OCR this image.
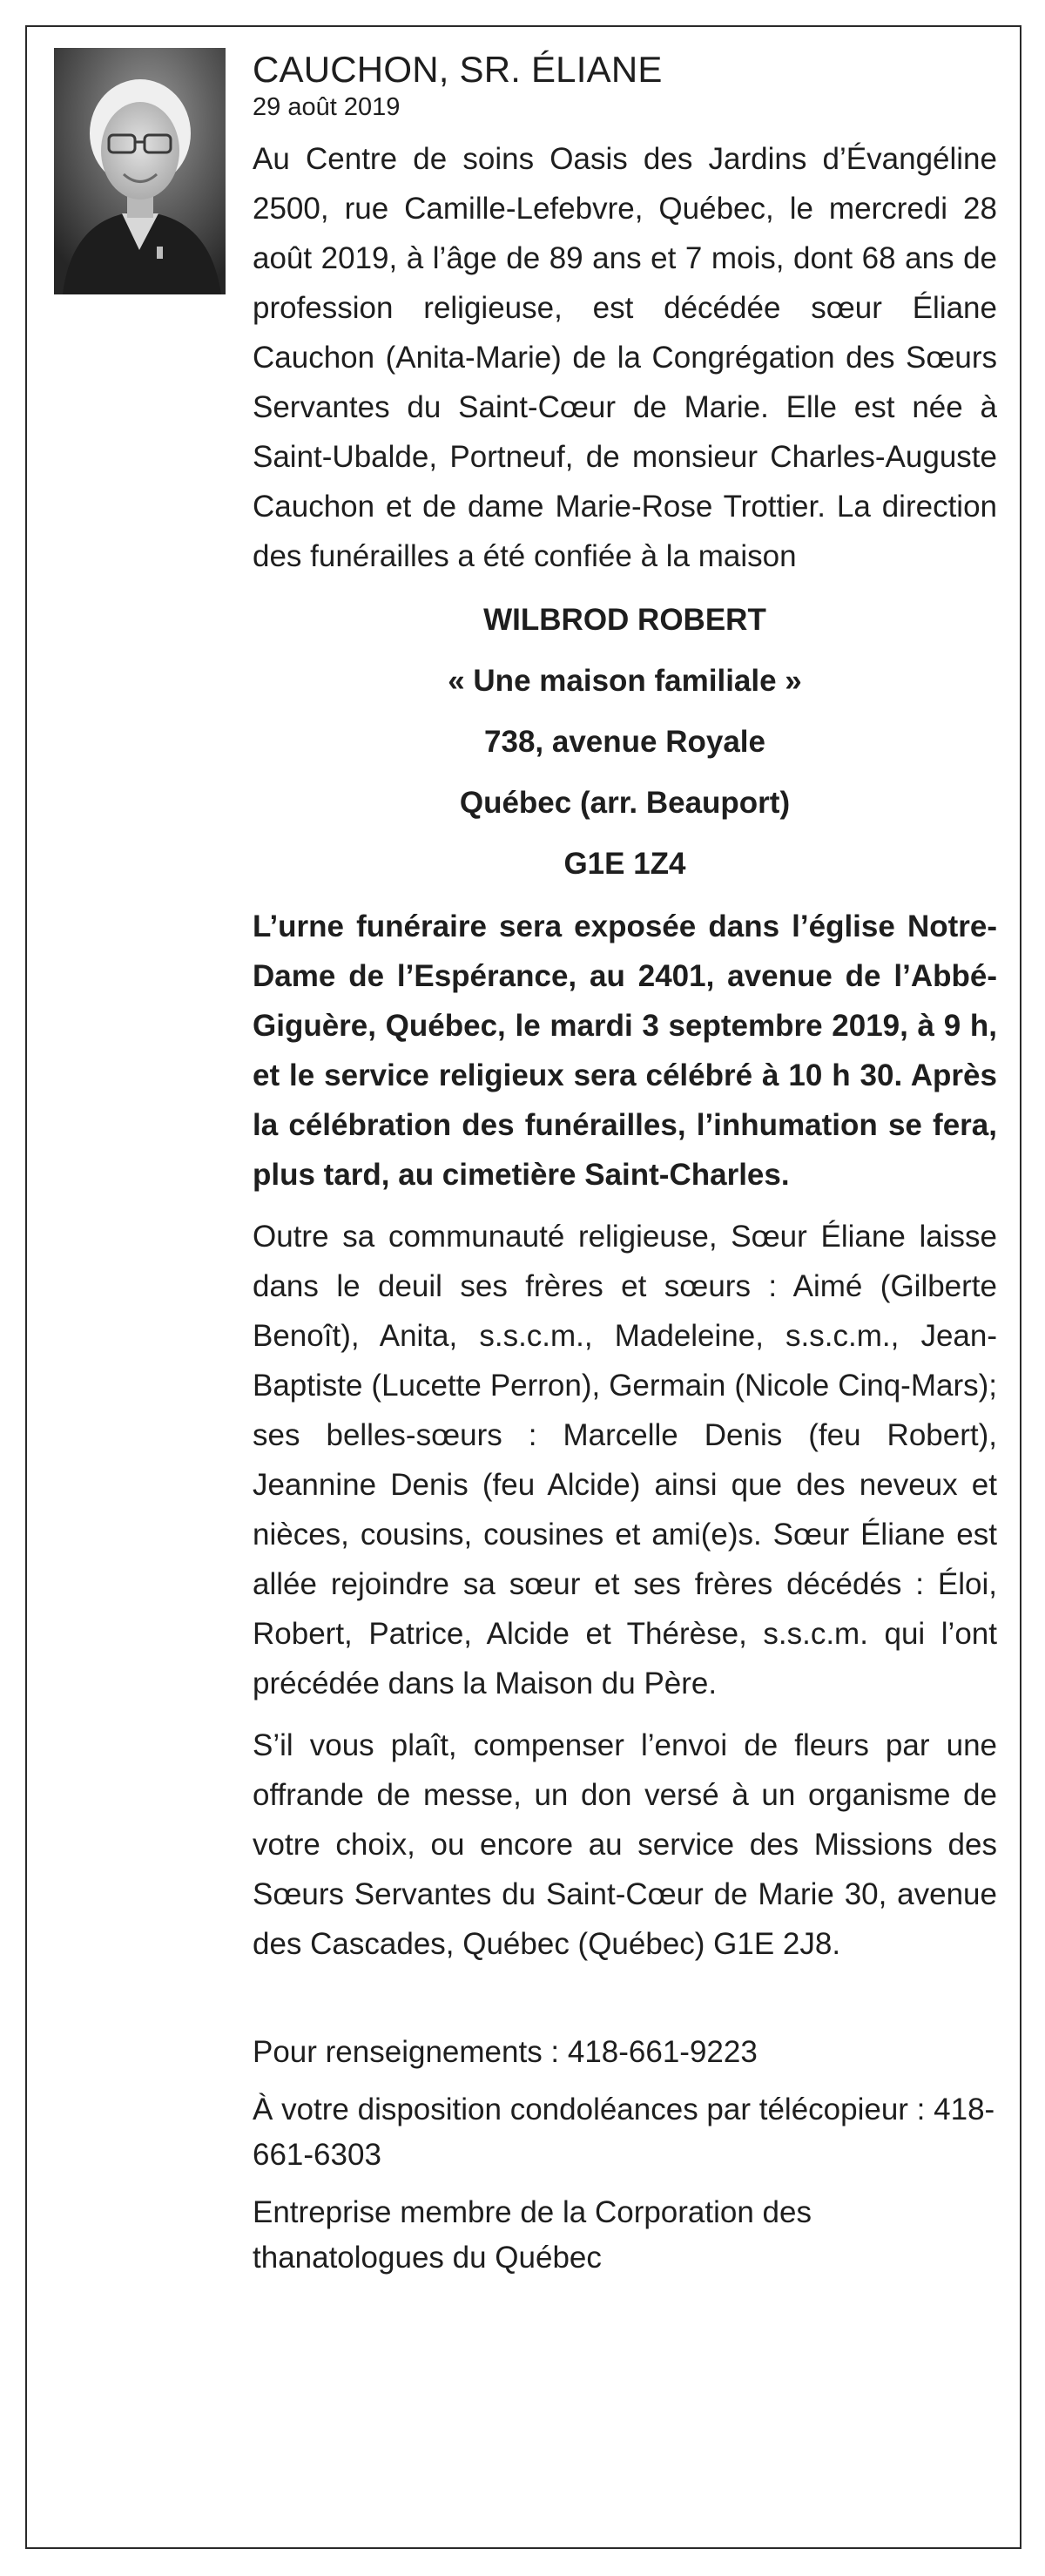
CAUCHON, SR. ÉLIANE
29 août 2019

Au Centre de soins Oasis des Jardins d’Évangéline 2500, rue Camille-Lefebvre, Québec, le mercredi 28 août 2019, à l’âge de 89 ans et 7 mois, dont 68 ans de profession religieuse, est décédée sœur Éliane Cauchon (Anita-Marie) de la Congrégation des Sœurs Servantes du Saint-Cœur de Marie. Elle est née à Saint-Ubalde, Portneuf, de monsieur Charles-Auguste Cauchon et de dame Marie-Rose Trottier. La direction des funérailles a été confiée à la maison

WILBROD ROBERT
« Une maison familiale »
738, avenue Royale
Québec (arr. Beauport)
G1E 1Z4

L’urne funéraire sera exposée dans l’église Notre-Dame de l’Espérance, au 2401, avenue de l’Abbé-Giguère, Québec, le mardi 3 septembre 2019, à 9 h, et le service religieux sera célébré à 10 h 30. Après la célébration des funérailles, l’inhumation se fera, plus tard, au cimetière Saint-Charles.

Outre sa communauté religieuse, Sœur Éliane laisse dans le deuil ses frères et sœurs : Aimé (Gilberte Benoît), Anita, s.s.c.m., Madeleine, s.s.c.m., Jean-Baptiste (Lucette Perron), Germain (Nicole Cinq-Mars); ses belles-sœurs : Marcelle Denis (feu Robert), Jeannine Denis (feu Alcide) ainsi que des neveux et nièces, cousins, cousines et ami(e)s. Sœur Éliane est allée rejoindre sa sœur et ses frères décédés : Éloi, Robert, Patrice, Alcide et Thérèse, s.s.c.m. qui l’ont précédée dans la Maison du Père.

S’il vous plaît, compenser l’envoi de fleurs par une offrande de messe, un don versé à un organisme de votre choix, ou encore au service des Missions des Sœurs Servantes du Saint-Cœur de Marie 30, avenue des Cascades, Québec (Québec) G1E 2J8.

Pour renseignements : 418-661-9223

À votre disposition condoléances par télécopieur : 418-661-6303

Entreprise membre de la Corporation des thanatologues du Québec
